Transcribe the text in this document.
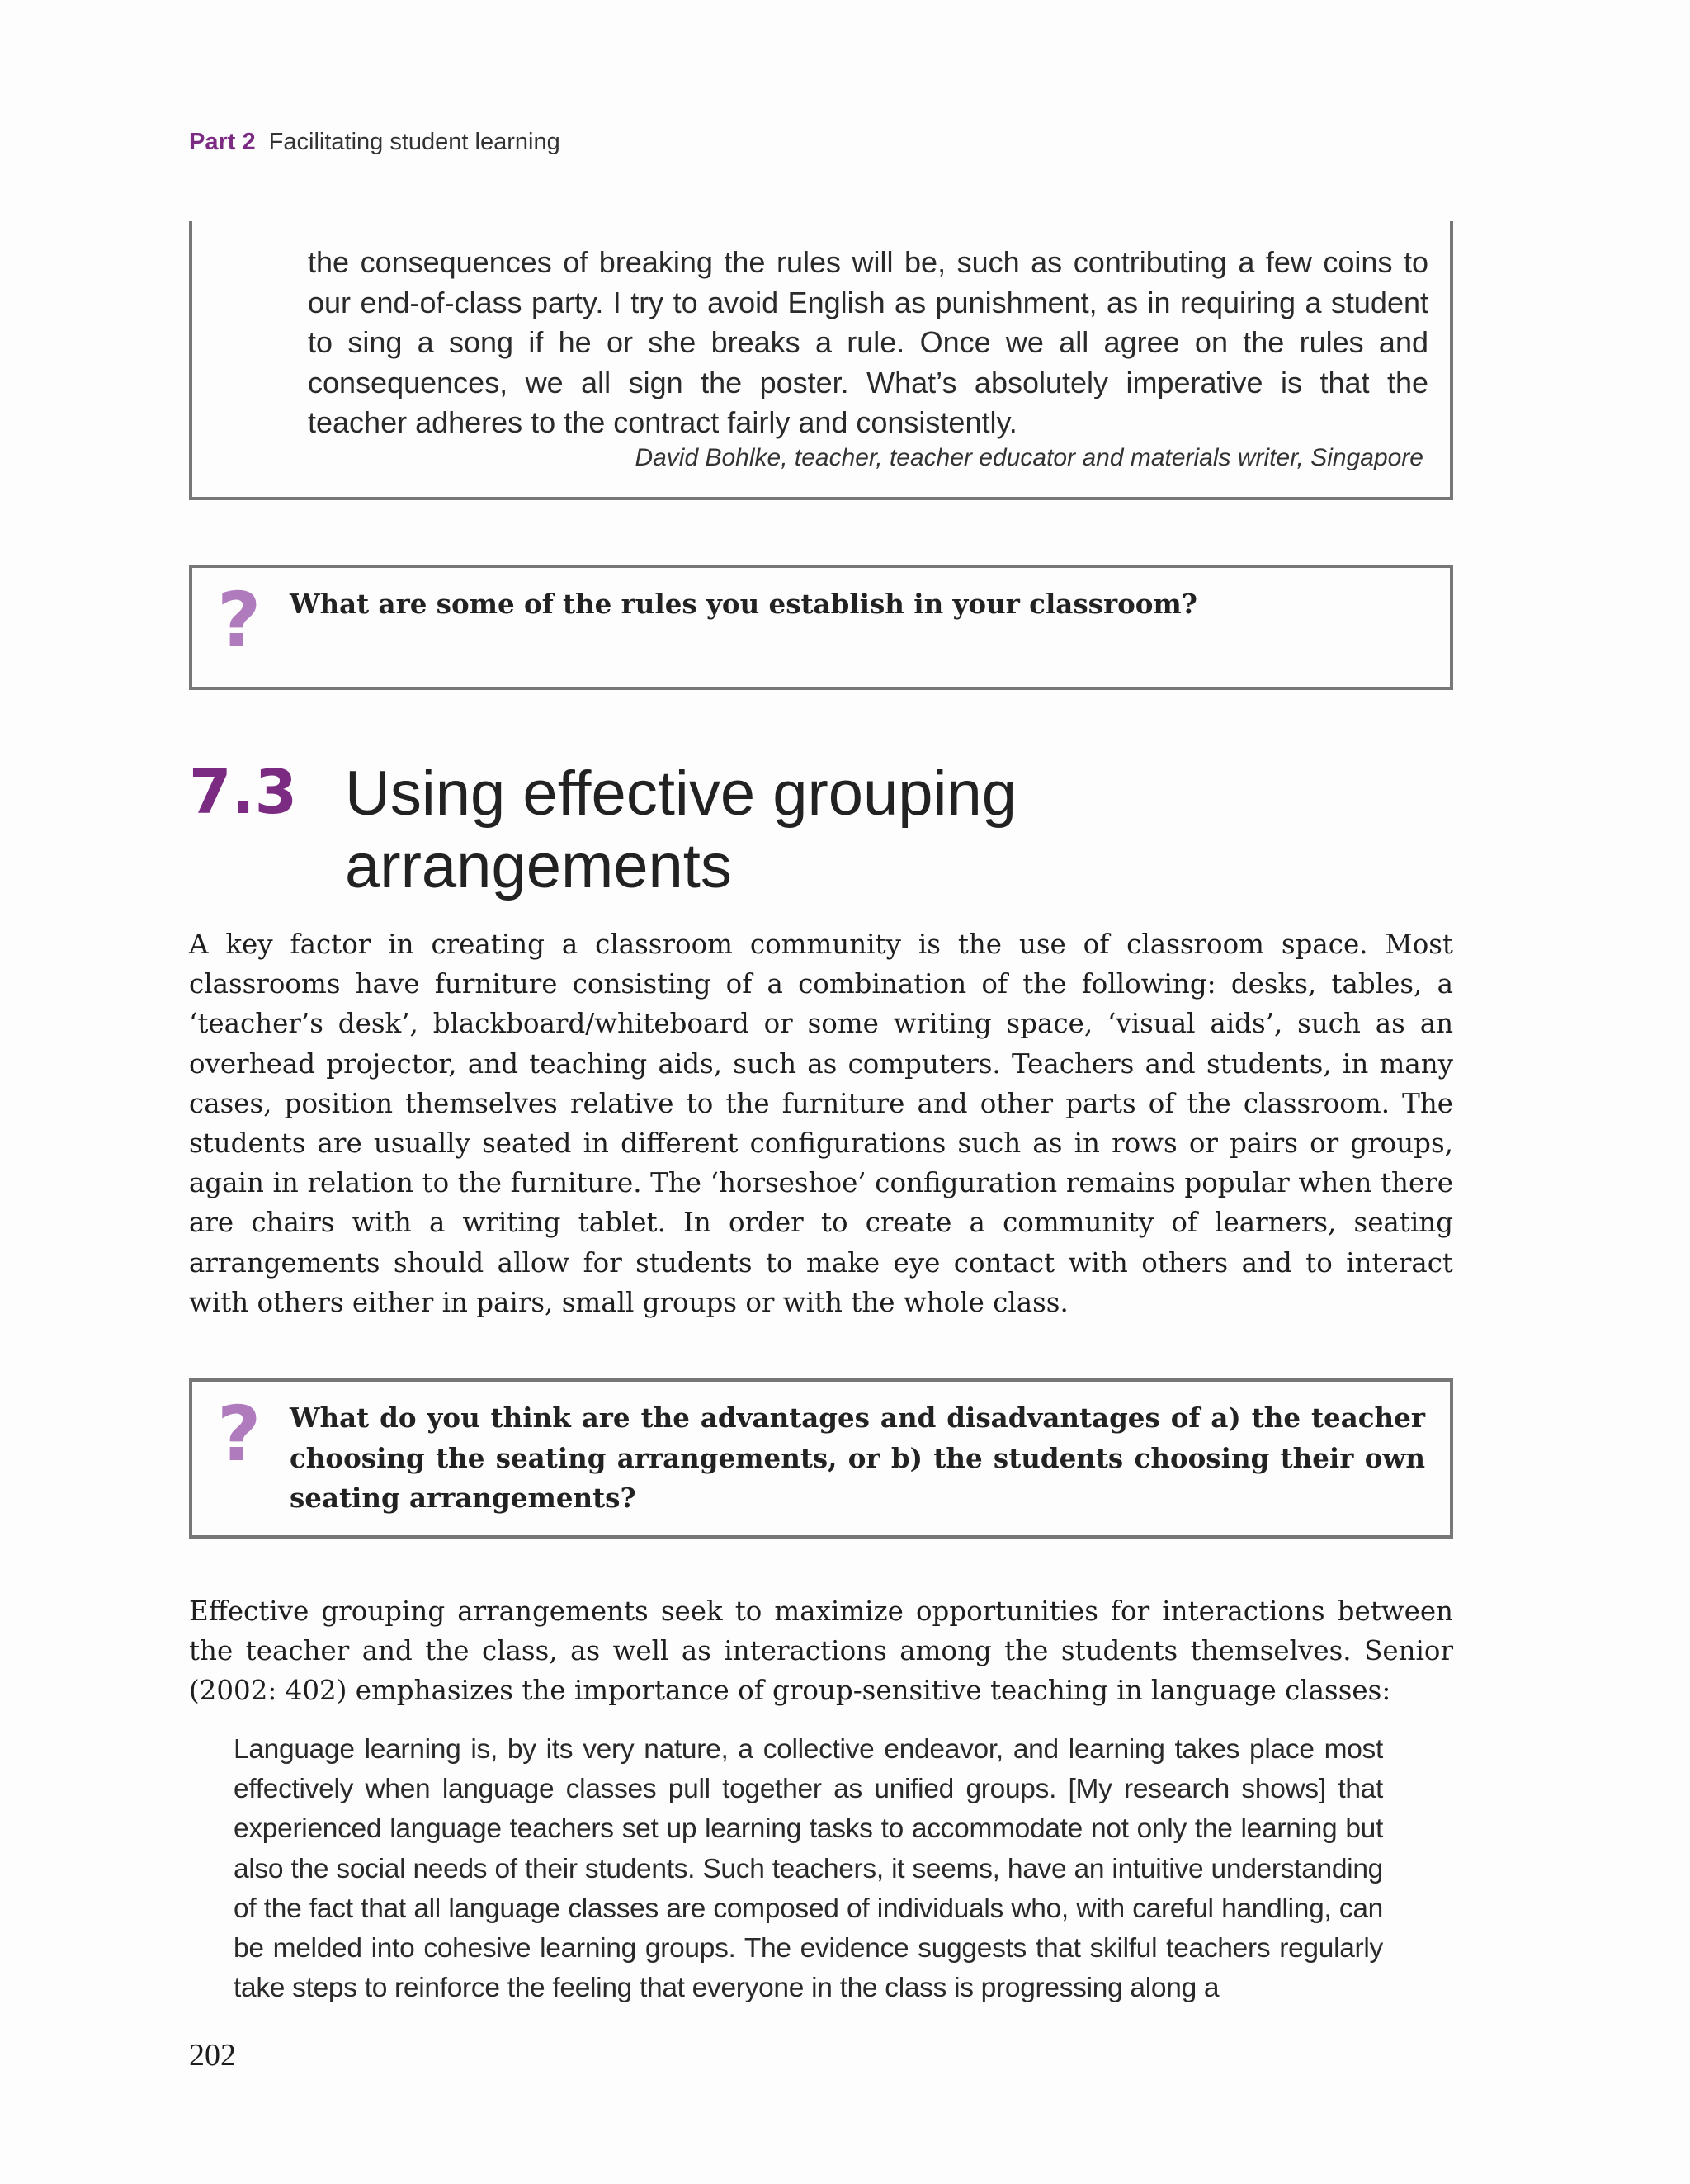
Part 2 Facilitating student learning
the consequences of breaking the rules will be, such as contributing a few coins to our end-of-class party. I try to avoid English as punishment, as in requiring a student to sing a song if he or she breaks a rule. Once we all agree on the rules and consequences, we all sign the poster. What’s absolutely imperative is that the teacher adheres to the contract fairly and consistently.
David Bohlke, teacher, teacher educator and materials writer, Singapore
? What are some of the rules you establish in your classroom?
7.3 Using effective grouping arrangements
A key factor in creating a classroom community is the use of classroom space. Most classrooms have furniture consisting of a combination of the following: desks, tables, a ‘teacher’s desk’, blackboard/whiteboard or some writing space, ‘visual aids’, such as an overhead projector, and teaching aids, such as computers. Teachers and students, in many cases, position themselves relative to the furniture and other parts of the classroom. The students are usually seated in different configurations such as in rows or pairs or groups, again in relation to the furniture. The ‘horseshoe’ configuration remains popular when there are chairs with a writing tablet. In order to create a community of learners, seating arrangements should allow for students to make eye contact with others and to interact with others either in pairs, small groups or with the whole class.
? What do you think are the advantages and disadvantages of a) the teacher choosing the seating arrangements, or b) the students choosing their own seating arrangements?
Effective grouping arrangements seek to maximize opportunities for interactions between the teacher and the class, as well as interactions among the students themselves. Senior (2002: 402) emphasizes the importance of group-sensitive teaching in language classes:
Language learning is, by its very nature, a collective endeavor, and learning takes place most effectively when language classes pull together as unified groups. [My research shows] that experienced language teachers set up learning tasks to accommodate not only the learning but also the social needs of their students. Such teachers, it seems, have an intuitive understanding of the fact that all language classes are composed of individuals who, with careful handling, can be melded into cohesive learning groups. The evidence suggests that skilful teachers regularly take steps to reinforce the feeling that everyone in the class is progressing along a
202
